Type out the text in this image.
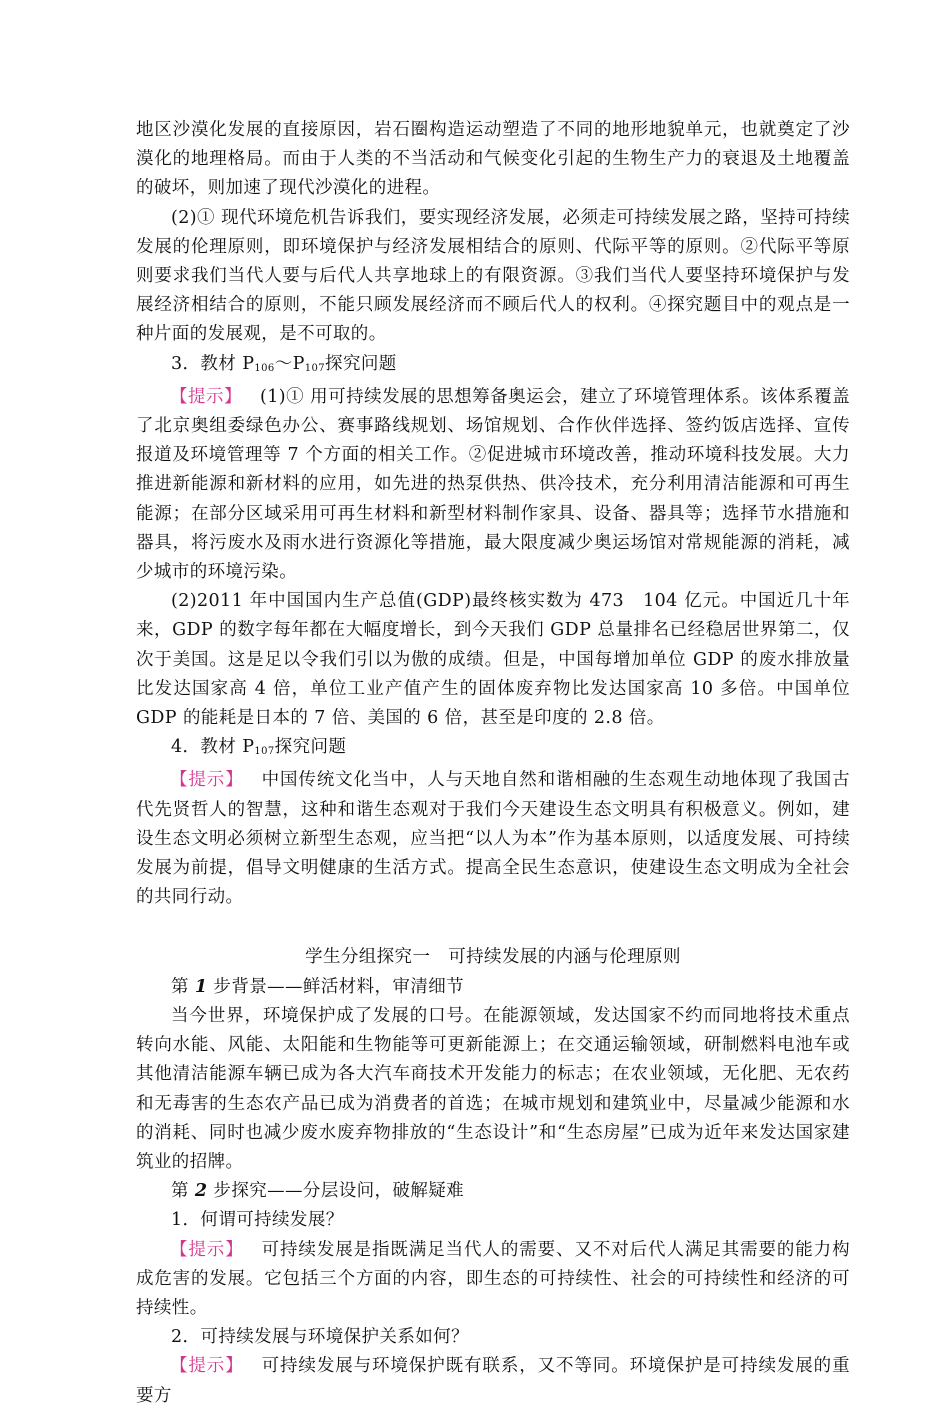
地区沙漠化发展的直接原因，岩石圈构造运动塑造了不同的地形地貌单元，也就奠定了沙漠化的地理格局。而由于人类的不当活动和气候变化引起的生物生产力的衰退及土地覆盖的破坏，则加速了现代沙漠化的进程。

(2)① 现代环境危机告诉我们，要实现经济发展，必须走可持续发展之路，坚持可持续发展的伦理原则，即环境保护与经济发展相结合的原则、代际平等的原则。②代际平等原则要求我们当代人要与后代人共享地球上的有限资源。③我们当代人要坚持环境保护与发展经济相结合的原则，不能只顾发展经济而不顾后代人的权利。④探究题目中的观点是一种片面的发展观，是不可取的。

3．教材 $P_{106}\sim P_{107}$探究问题

【提示】 (1)① 用可持续发展的思想筹备奥运会，建立了环境管理体系。该体系覆盖了北京奥组委绿色办公、赛事路线规划、场馆规划、合作伙伴选择、签约饭店选择、宣传报道及环境管理等 7 个方面的相关工作。②促进城市环境改善，推动环境科技发展。大力推进新能源和新材料的应用，如先进的热泵供热、供冷技术，充分利用清洁能源和可再生能源；在部分区域采用可再生材料和新型材料制作家具、设备、器具等；选择节水措施和器具，将污废水及雨水进行资源化等措施，最大限度减少奥运场馆对常规能源的消耗，减少城市的环境污染。

(2)2011 年中国国内生产总值(GDP)最终核实数为 473　104 亿元。中国近几十年来，GDP 的数字每年都在大幅度增长，到今天我们 GDP 总量排名已经稳居世界第二，仅次于美国。这是足以令我们引以为傲的成绩。但是，中国每增加单位 GDP 的废水排放量比发达国家高 4 倍，单位工业产值产生的固体废弃物比发达国家高 10 多倍。中国单位 GDP 的能耗是日本的 7 倍、美国的 6 倍，甚至是印度的 2.8 倍。

4．教材 $P_{107}$探究问题

【提示】 中国传统文化当中，人与天地自然和谐相融的生态观生动地体现了我国古代先贤哲人的智慧，这种和谐生态观对于我们今天建设生态文明具有积极意义。例如，建设生态文明必须树立新型生态观，应当把“以人为本”作为基本原则，以适度发展、可持续发展为前提，倡导文明健康的生活方式。提高全民生态意识，使建设生态文明成为全社会的共同行动。

学生分组探究一　可持续发展的内涵与伦理原则

第 1 步背景——鲜活材料，审清细节

当今世界，环境保护成了发展的口号。在能源领域，发达国家不约而同地将技术重点转向水能、风能、太阳能和生物能等可更新能源上；在交通运输领域，研制燃料电池车或其他清洁能源车辆已成为各大汽车商技术开发能力的标志；在农业领域，无化肥、无农药和无毒害的生态农产品已成为消费者的首选；在城市规划和建筑业中，尽量减少能源和水的消耗、同时也减少废水废弃物排放的“生态设计”和“生态房屋”已成为近年来发达国家建筑业的招牌。

第 2 步探究——分层设问，破解疑难

1．何谓可持续发展？

【提示】 可持续发展是指既满足当代人的需要、又不对后代人满足其需要的能力构成危害的发展。它包括三个方面的内容，即生态的可持续性、社会的可持续性和经济的可持续性。

2．可持续发展与环境保护关系如何？

【提示】 可持续发展与环境保护既有联系，又不等同。环境保护是可持续发展的重要方
